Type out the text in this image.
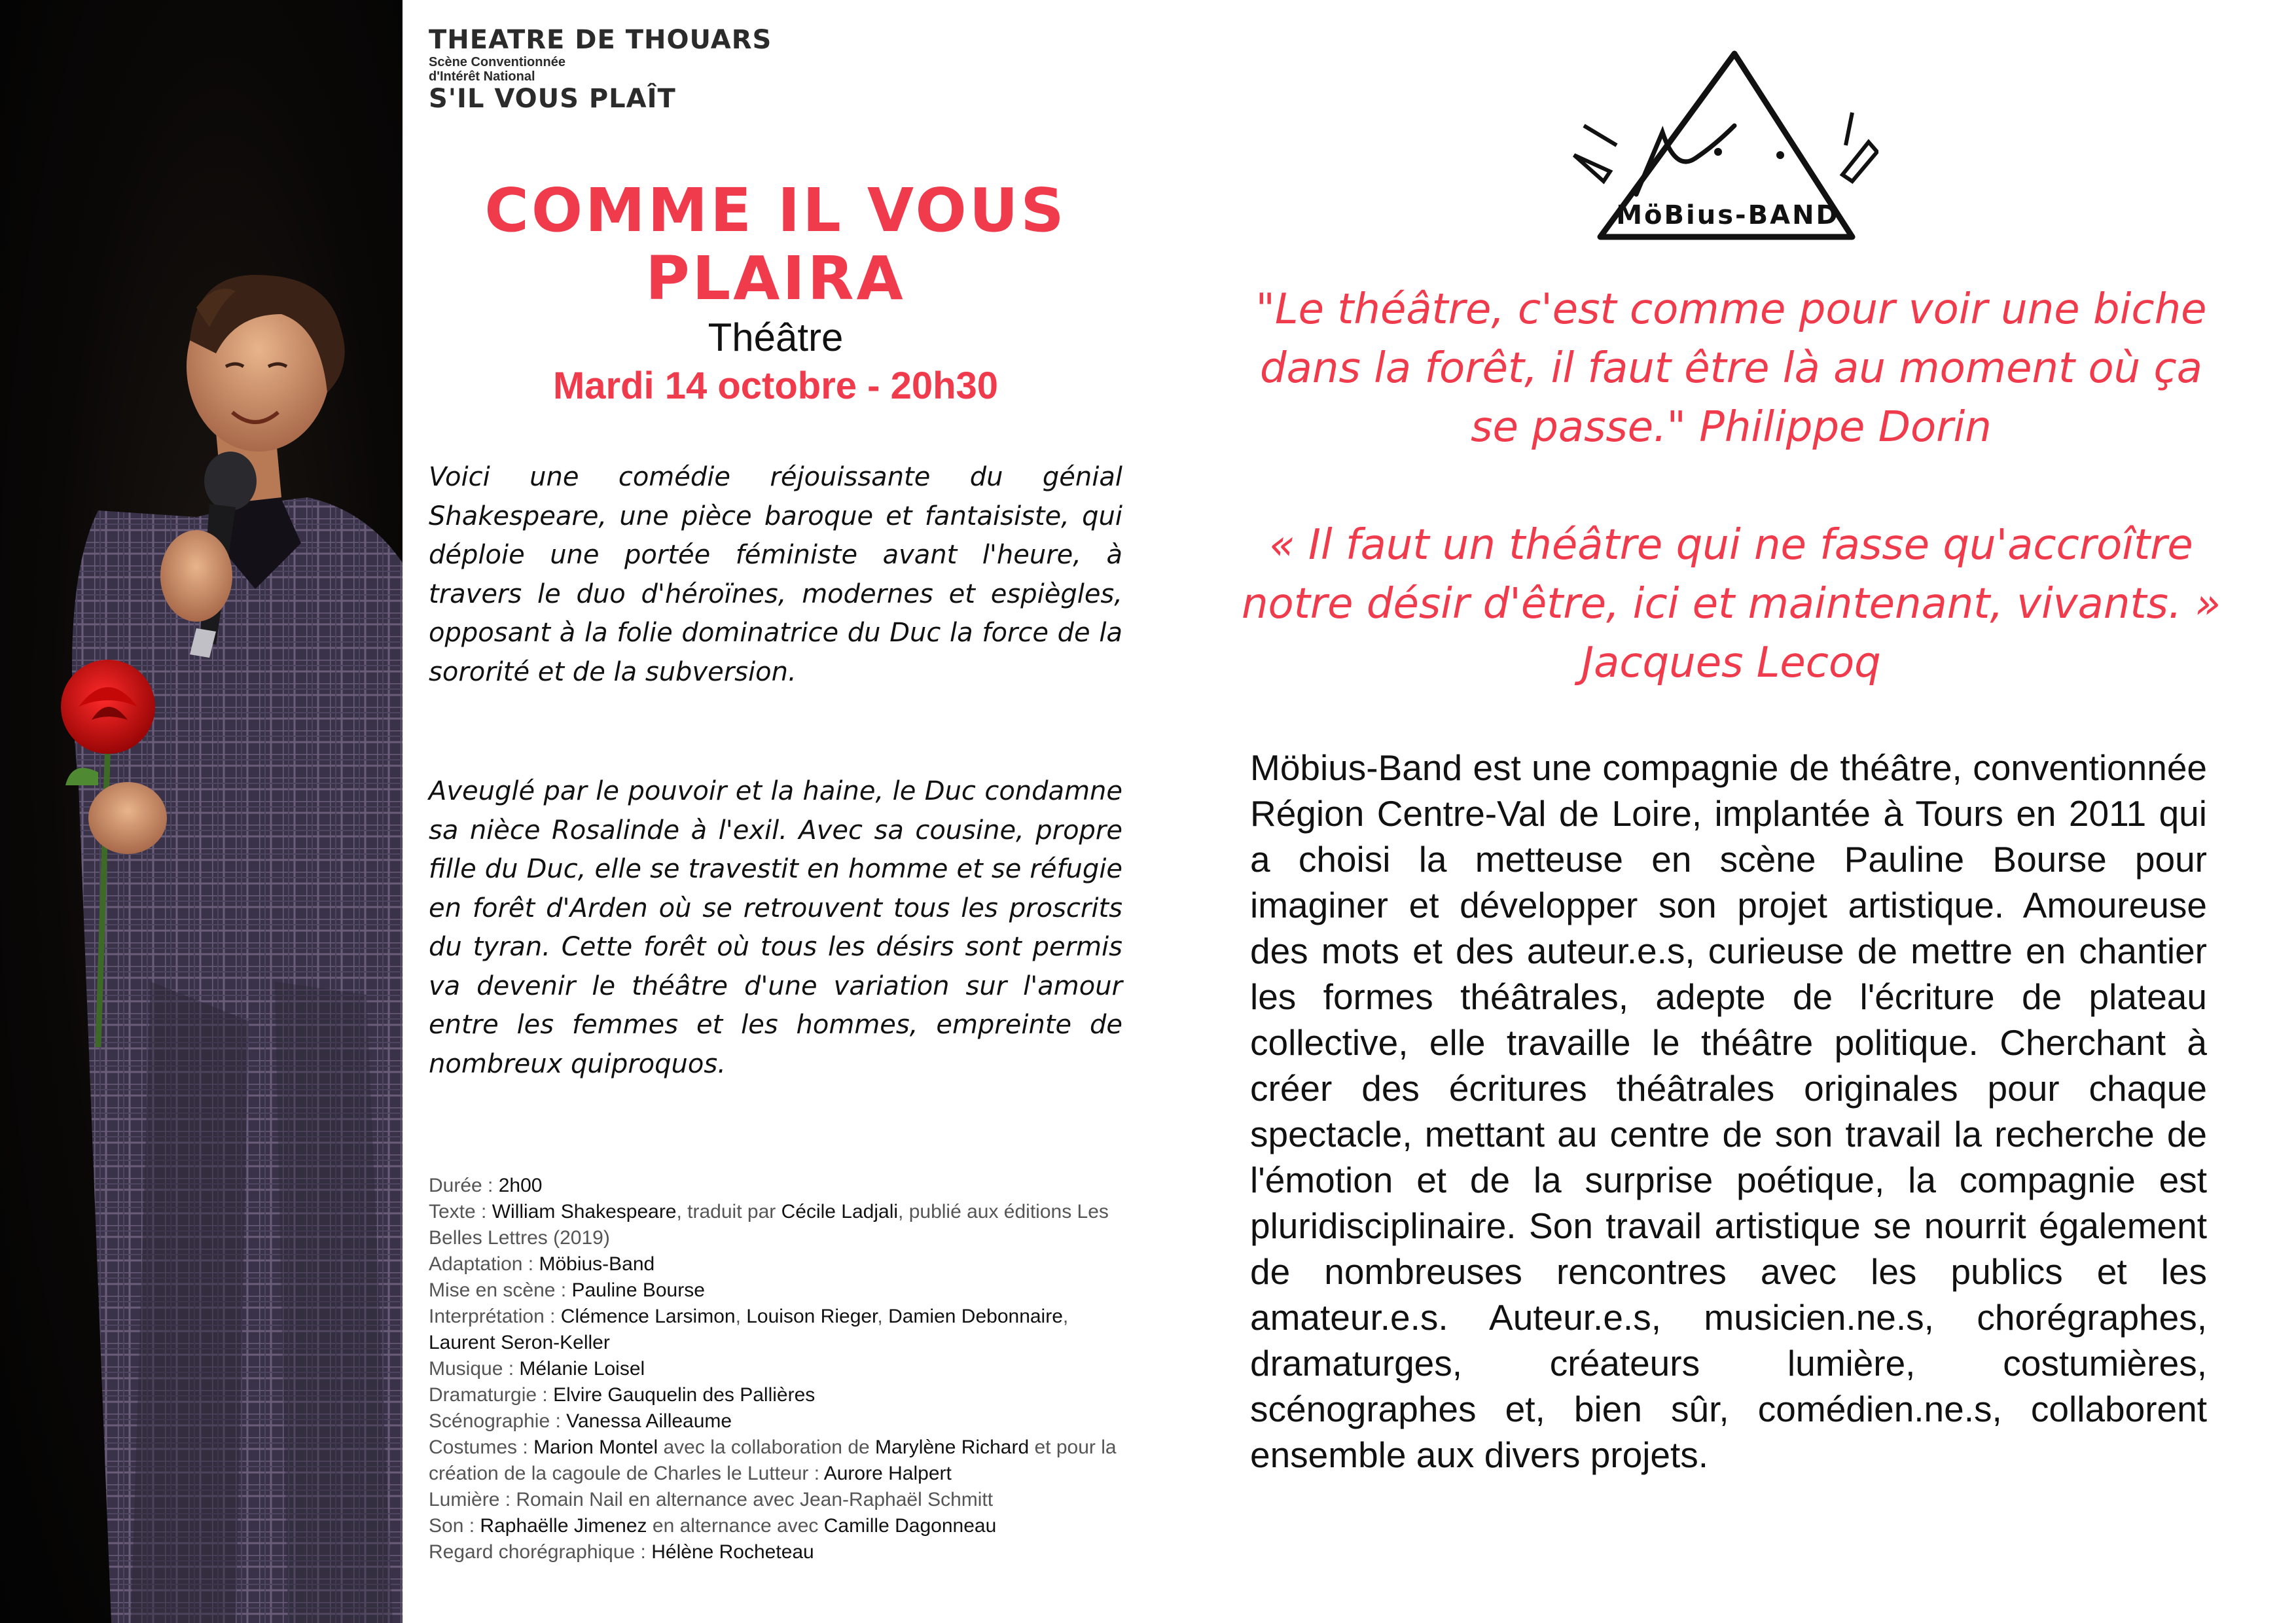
THEATRE DE THOUARS
Scène Conventionnée
d'Intérêt National
S'IL VOUS PLAÎT
COMME IL VOUS
PLAIRA
Théâtre
Mardi 14 octobre - 20h30

Voici une comédie réjouissante du génial Shakespeare, une pièce baroque et fantaisiste, qui déploie une portée féministe avant l'heure, à travers le duo d'héroïnes, modernes et espiègles, opposant à la folie dominatrice du Duc la force de la sororité et de la subversion.

Aveuglé par le pouvoir et la haine, le Duc condamne sa nièce Rosalinde à l'exil. Avec sa cousine, propre fille du Duc, elle se travestit en homme et se réfugie en forêt d'Arden où se retrouvent tous les proscrits du tyran. Cette forêt où tous les désirs sont permis va devenir le théâtre d'une variation sur l'amour entre les femmes et les hommes, empreinte de nombreux quiproquos.

Durée : 2h00
Texte : William Shakespeare, traduit par Cécile Ladjali, publié aux éditions Les Belles Lettres (2019)
Adaptation : Möbius-Band
Mise en scène : Pauline Bourse
Interprétation : Clémence Larsimon, Louison Rieger, Damien Debonnaire, Laurent Seron-Keller
Musique : Mélanie Loisel
Dramaturgie : Elvire Gauquelin des Pallières
Scénographie : Vanessa Ailleaume
Costumes : Marion Montel avec la collaboration de Marylène Richard et pour la création de la cagoule de Charles le Lutteur : Aurore Halpert
Lumière : Romain Nail en alternance avec Jean-Raphaël Schmitt
Son : Raphaëlle Jimenez en alternance avec Camille Dagonneau
Regard chorégraphique : Hélène Rocheteau
MöBius-BAND
"Le théâtre, c'est comme pour voir une biche dans la forêt, il faut être là au moment où ça se passe." Philippe Dorin
« Il faut un théâtre qui ne fasse qu'accroître notre désir d'être, ici et maintenant, vivants. » Jacques Lecoq

Möbius-Band est une compagnie de théâtre, conventionnée Région Centre-Val de Loire, implantée à Tours en 2011 qui a choisi la metteuse en scène Pauline Bourse pour imaginer et développer son projet artistique. Amoureuse des mots et des auteur.e.s, curieuse de mettre en chantier les formes théâtrales, adepte de l'écriture de plateau collective, elle travaille le théâtre politique. Cherchant à créer des écritures théâtrales originales pour chaque spectacle, mettant au centre de son travail la recherche de l'émotion et de la surprise poétique, la compagnie est pluridisciplinaire. Son travail artistique se nourrit également de nombreuses rencontres avec les publics et les amateur.e.s. Auteur.e.s, musicien.ne.s, chorégraphes, dramaturges, créateurs lumière, costumières, scénographes et, bien sûr, comédien.ne.s, collaborent ensemble aux divers projets.
